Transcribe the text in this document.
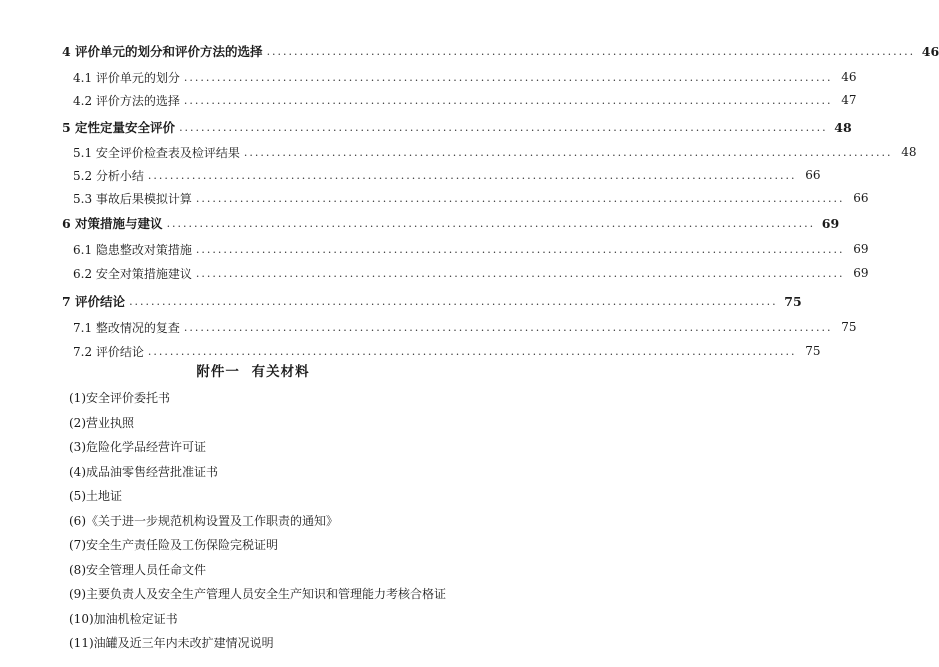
4 评价单元的划分和评价方法的选择 ...................................................................................................................... 46
4.1 评价单元的划分 ...................................................................................................................... 46
4.2 评价方法的选择 ...................................................................................................................... 47
5 定性定量安全评价 ...................................................................................................................... 48
5.1 安全评价检查表及检评结果 ...................................................................................................................... 48
5.2 分析小结 ...................................................................................................................... 66
5.3 事故后果模拟计算 ...................................................................................................................... 66
6 对策措施与建议 ...................................................................................................................... 69
6.1 隐患整改对策措施 ...................................................................................................................... 69
6.2 安全对策措施建议 ...................................................................................................................... 69
7 评价结论 ...................................................................................................................... 75
7.1 整改情况的复查 ...................................................................................................................... 75
7.2 评价结论 ...................................................................................................................... 75
附件一 有关材料
(1)安全评价委托书
(2)营业执照
(3)危险化学品经营许可证
(4)成品油零售经营批准证书
(5)土地证
(6)《关于进一步规范机构设置及工作职责的通知》
(7)安全生产责任险及工伤保险完税证明
(8)安全管理人员任命文件
(9)主要负责人及安全生产管理人员安全生产知识和管理能力考核合格证
(10)加油机检定证书
(11)油罐及近三年内未改扩建情况说明
